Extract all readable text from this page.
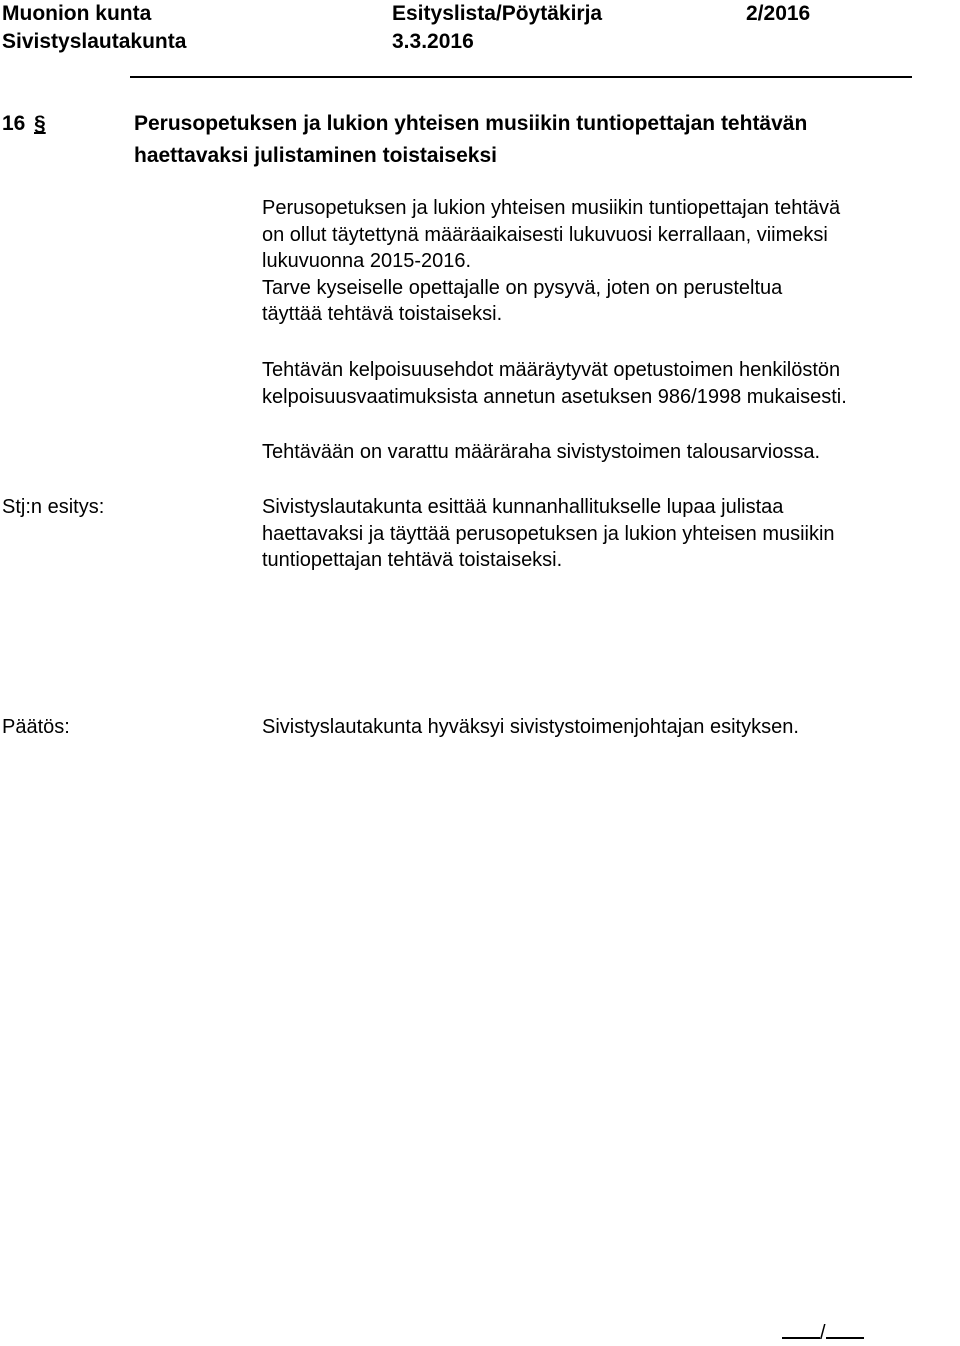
Muonion kunta	Esityslista/Pöytäkirja	2/2016
Sivistyslautakunta	3.3.2016
16 §	Perusopetuksen ja lukion yhteisen musiikin tuntiopettajan tehtävän
haettavaksi julistaminen toistaiseksi
Perusopetuksen ja lukion yhteisen musiikin tuntiopettajan tehtävä
on ollut täytettynä määräaikaisesti lukuvuosi kerrallaan, viimeksi
lukuvuonna 2015-2016.
Tarve kyseiselle opettajalle on pysyvä, joten on perusteltua
täyttää tehtävä toistaiseksi.
Tehtävän kelpoisuusehdot määräytyvät opetustoimen henkilöstön
kelpoisuusvaatimuksista annetun asetuksen 986/1998 mukaisesti.
Tehtävään on varattu määräraha sivistystoimen talousarviossa.
Stj:n esitys:	Sivistyslautakunta esittää kunnanhallitukselle lupaa julistaa
haettavaksi ja täyttää perusopetuksen ja lukion yhteisen musiikin
tuntiopettajan tehtävä toistaiseksi.
Päätös:	Sivistyslautakunta hyväksyi sivistystoimenjohtajan esityksen.
/
